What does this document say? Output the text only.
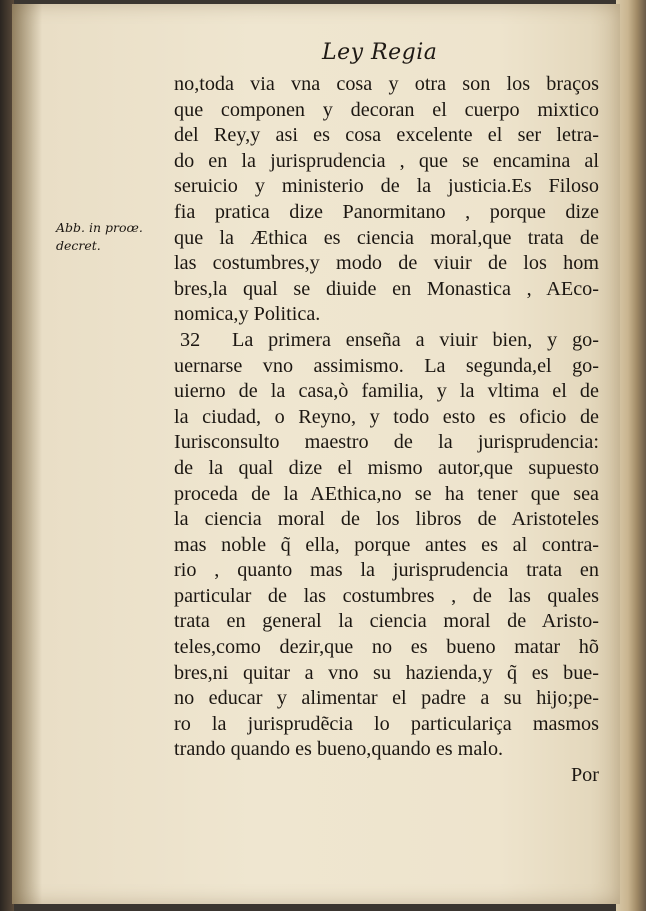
Ley Regia
Abb. in proœ.
decret.
no,toda via vna cosa y otra son los braços
que componen y decoran el cuerpo mixtico
del Rey,y asi es cosa excelente el ser letra-
do en la jurisprudencia , que se encamina al
seruicio y ministerio de la justicia.Es Filoso
fia pratica dize Panormitano , porque dize
que la Æthica es ciencia moral,que trata de
las costumbres,y modo de viuir de los hom
bres,la qual se diuide en Monastica , AEco-
nomica,y Politica.
32 La primera enseña a viuir bien, y go-
uernarse vno assimismo. La segunda,el go-
uierno de la casa,ò familia, y la vltima el de
la ciudad, o Reyno, y todo esto es oficio de
Iurisconsulto maestro de la jurisprudencia:
de la qual dize el mismo autor,que supuesto
proceda de la AEthica,no se ha tener que sea
la ciencia moral de los libros de Aristoteles
mas noble q̃ ella, porque antes es al contra-
rio , quanto mas la jurisprudencia trata en
particular de las costumbres , de las quales
trata en general la ciencia moral de Aristo-
teles,como dezir,que no es bueno matar hõ
bres,ni quitar a vno su hazienda,y q̃ es bue-
no educar y alimentar el padre a su hijo;pe-
ro la jurisprudẽcia lo particulariça masmos
trando quando es bueno,quando es malo.
Por
